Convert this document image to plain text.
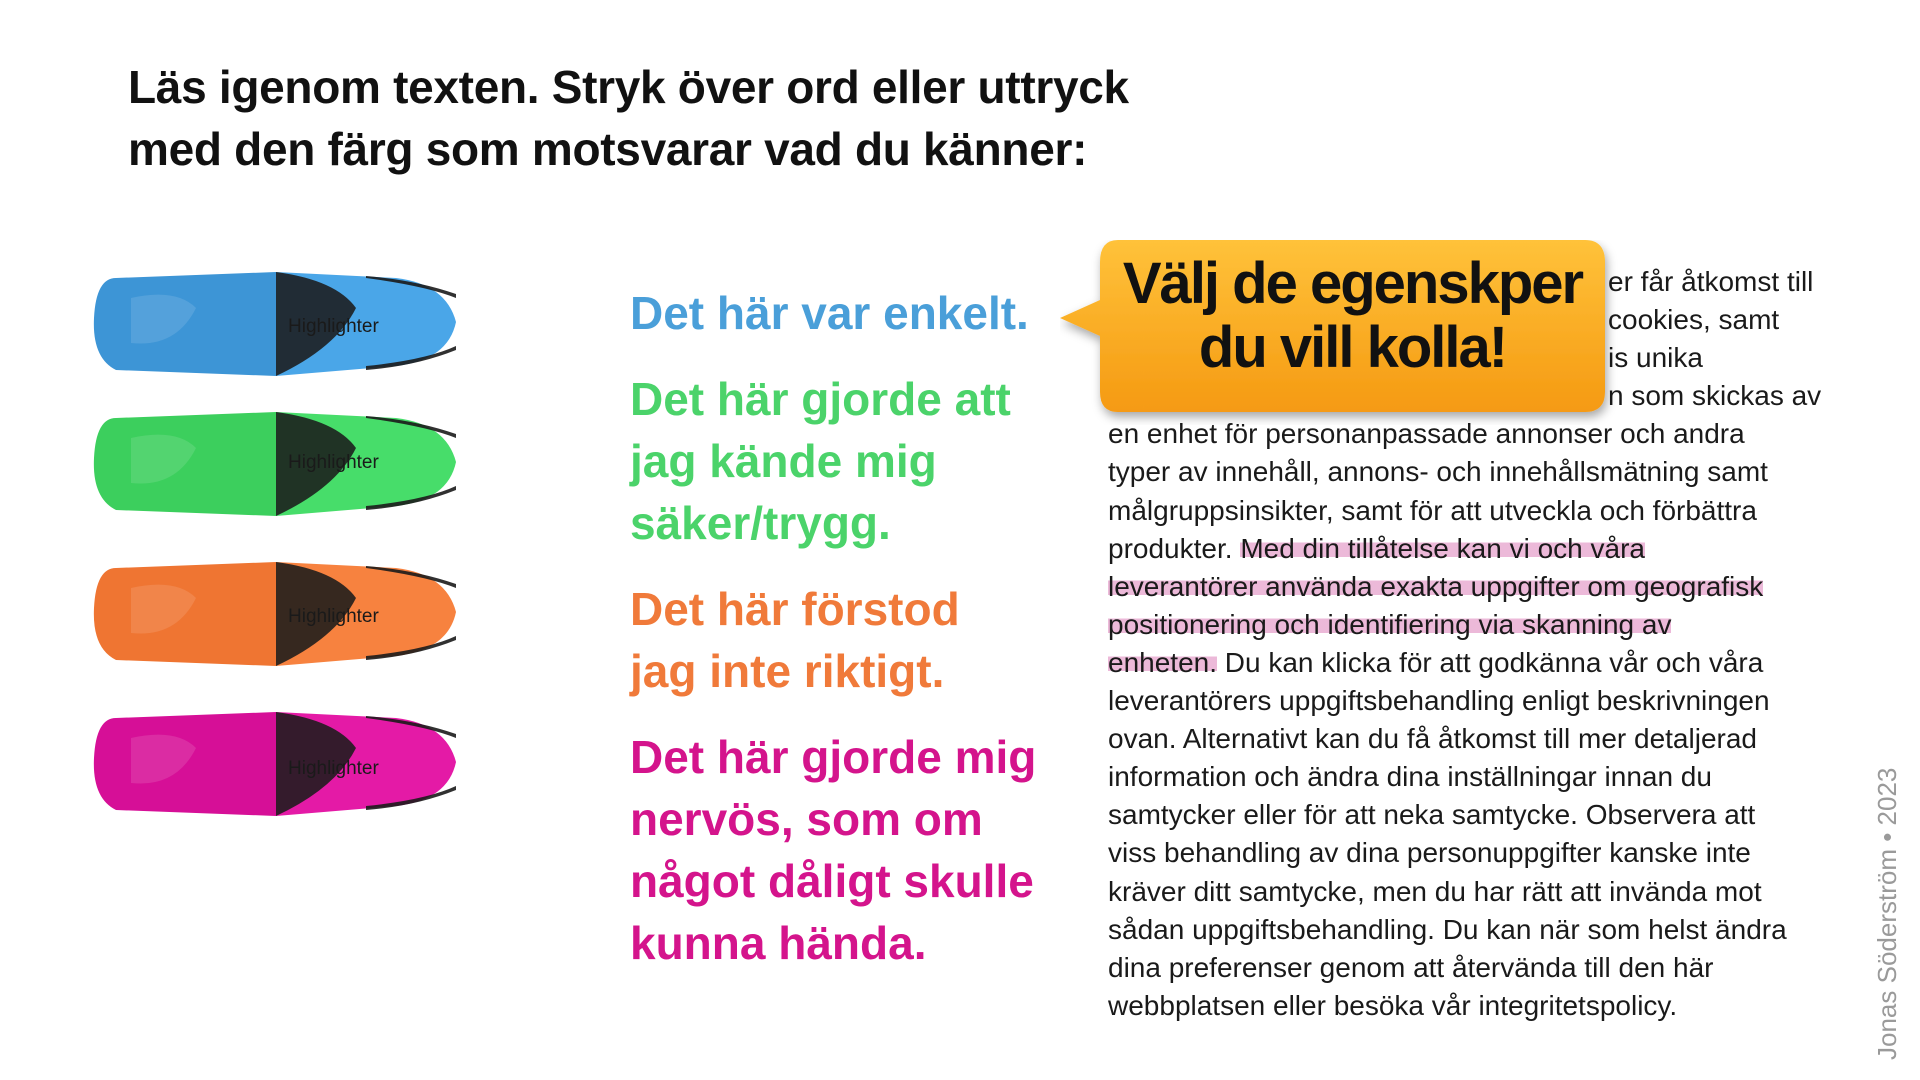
Läs igenom texten. Stryk över ord eller uttryck
med den färg som motsvarar vad du känner:
Highlighter
Highlighter
Highlighter
Highlighter
Det här var enkelt.
Det här gjorde att
jag kände mig
säker/trygg.
Det här förstod
jag inte riktigt.
Det här gjorde mig
nervös, som om
något dåligt skulle
kunna hända.
er får åtkomst till
cookies, samt
is unika
n som skickas av
en enhet för personanpassade annonser och andra
typer av innehåll, annons- och innehållsmätning samt
målgruppsinsikter, samt för att utveckla och förbättra
produkter. Med din tillåtelse kan vi och våra
leverantörer använda exakta uppgifter om geografisk
positionering och identifiering via skanning av
enheten. Du kan klicka för att godkänna vår och våra
leverantörers uppgiftsbehandling enligt beskrivningen
ovan. Alternativt kan du få åtkomst till mer detaljerad
information och ändra dina inställningar innan du
samtycker eller för att neka samtycke. Observera att
viss behandling av dina personuppgifter kanske inte
kräver ditt samtycke, men du har rätt att invända mot
sådan uppgiftsbehandling. Du kan när som helst ändra
dina preferenser genom att återvända till den här
webbplatsen eller besöka vår integritetspolicy.
Välj de egenskper
du vill kolla!
Jonas Söderström • 2023
